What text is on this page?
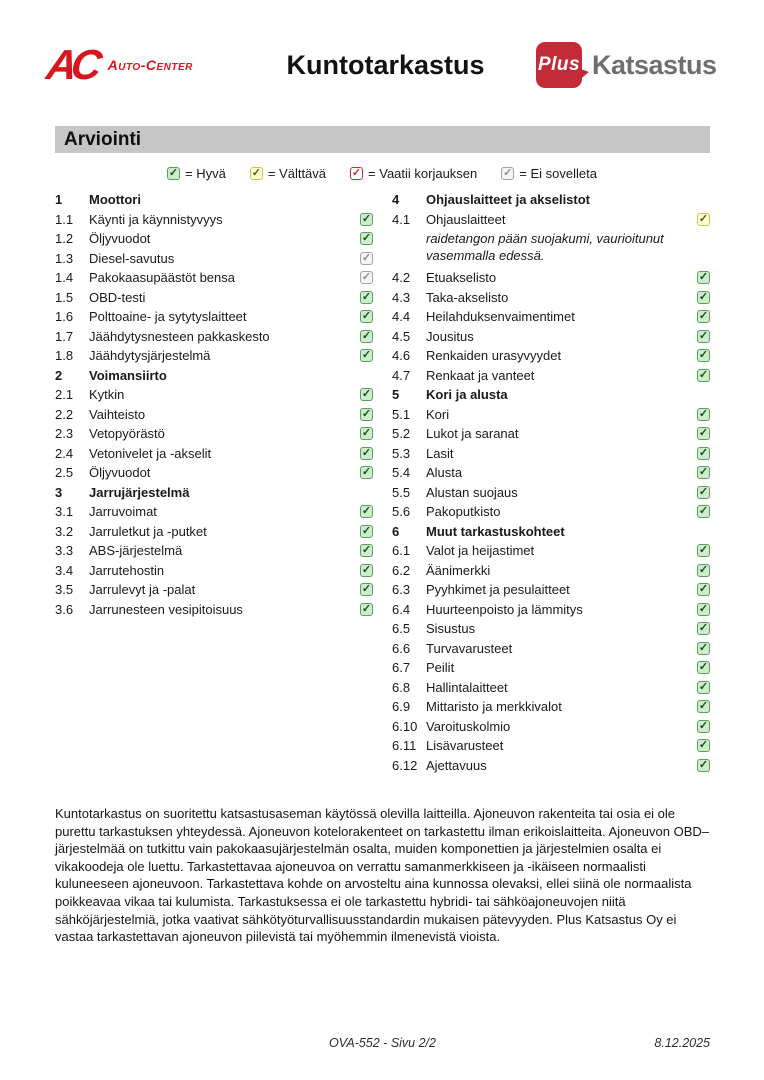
AC Auto-Center	Kuntotarkastus	Plus Katsastus
Arviointi
✓ = Hyvä ✓ = Välttävä ✓ = Vaatii korjauksen ✓ = Ei sovelleta
1	Moottori
1.1	Käynti ja käynnistyvyys	✓
1.2	Öljyvuodot	✓
1.3	Diesel-savutus	✓
1.4	Pakokaasupäästöt bensa	✓
1.5	OBD-testi	✓
1.6	Polttoaine- ja sytytyslaitteet	✓
1.7	Jäähdytysnesteen pakkaskesto	✓
1.8	Jäähdytysjärjestelmä	✓
2	Voimansiirto
2.1	Kytkin	✓
2.2	Vaihteisto	✓
2.3	Vetopyörästö	✓
2.4	Vetonivelet ja -akselit	✓
2.5	Öljyvuodot	✓
3	Jarrujärjestelmä
3.1	Jarruvoimat	✓
3.2	Jarruletkut ja -putket	✓
3.3	ABS-järjestelmä	✓
3.4	Jarrutehostin	✓
3.5	Jarrulevyt ja -palat	✓
3.6	Jarrunesteen vesipitoisuus	✓
4	Ohjauslaitteet ja akselistot
4.1	Ohjauslaitteet	✓
raidetangon pään suojakumi, vaurioitunut vasemmalla edessä.
4.2	Etuakselisto	✓
4.3	Taka-akselisto	✓
4.4	Heilahduksenvaimentimet	✓
4.5	Jousitus	✓
4.6	Renkaiden urasyvyydet	✓
4.7	Renkaat ja vanteet	✓
5	Kori ja alusta
5.1	Kori	✓
5.2	Lukot ja saranat	✓
5.3	Lasit	✓
5.4	Alusta	✓
5.5	Alustan suojaus	✓
5.6	Pakoputkisto	✓
6	Muut tarkastuskohteet
6.1	Valot ja heijastimet	✓
6.2	Äänimerkki	✓
6.3	Pyyhkimet ja pesulaitteet	✓
6.4	Huurteenpoisto ja lämmitys	✓
6.5	Sisustus	✓
6.6	Turvavarusteet	✓
6.7	Peilit	✓
6.8	Hallintalaitteet	✓
6.9	Mittaristo ja merkkivalot	✓
6.10 Varoituskolmio	✓
6.11 Lisävarusteet	✓
6.12 Ajettavuus	✓
Kuntotarkastus on suoritettu katsastusaseman käytössä olevilla laitteilla. Ajoneuvon rakenteita tai osia ei ole purettu tarkastuksen yhteydessä. Ajoneuvon kotelorakenteet on tarkastettu ilman erikoislaitteita. Ajoneuvon OBD–järjestelmää on tutkittu vain pakokaasujärjestelmän osalta, muiden komponettien ja järjestelmien osalta ei vikakoodeja ole luettu. Tarkastettavaa ajoneuvoa on verrattu samanmerkkiseen ja -ikäiseen normaalisti kuluneeseen ajoneuvoon. Tarkastettava kohde on arvosteltu aina kunnossa olevaksi, ellei siinä ole normaalista poikkeavaa vikaa tai kulumista. Tarkastuksessa ei ole tarkastettu hybridi- tai sähköajoneuvojen niitä sähköjärjestelmiä, jotka vaativat sähkötyöturvallisuusstandardin mukaisen pätevyyden. Plus Katsastus Oy ei vastaa tarkastettavan ajoneuvon piilevistä tai myöhemmin ilmenevistä vioista.
OVA-552 - Sivu 2/2	8.12.2025
